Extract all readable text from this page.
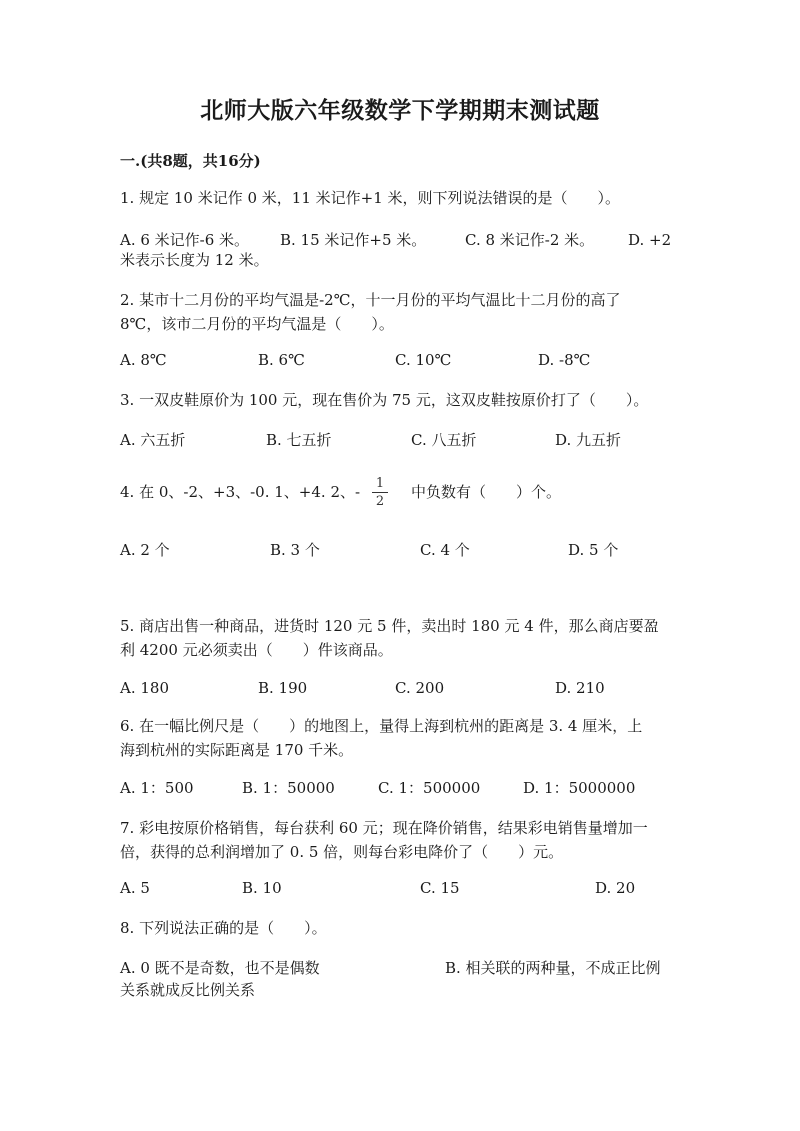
北师大版六年级数学下学期期末测试题
一.(共8题，共16分)
1. 规定 10 米记作 0 米，11 米记作+1 米，则下列说法错误的是（　　）。
A. 6 米记作-6 米。 B. 15 米记作+5 米。	C. 8 米记作-2 米。 D. +2
米表示长度为 12 米。
2. 某市十二月份的平均气温是-2℃，十一月份的平均气温比十二月份的高了
8℃，该市二月份的平均气温是（　　）。
A. 8℃	B. 6℃	C. 10℃	D. -8℃
3. 一双皮鞋原价为 100 元，现在售价为 75 元，这双皮鞋按原价打了（　　）。
A. 六五折	B. 七五折	C. 八五折	D. 九五折
4. 在 0、-2、+3、-0. 1、+4. 2、-	1
2
中负数有（　　）个。
A. 2 个	B. 3 个	C. 4 个	D. 5 个
5. 商店出售一种商品，进货时 120 元 5 件，卖出时 180 元 4 件，那么商店要盈
利 4200 元必须卖出（　　）件该商品。
A. 180	B. 190	C. 200	D. 210
6. 在一幅比例尺是（　　）的地图上，量得上海到杭州的距离是 3. 4 厘米，上
海到杭州的实际距离是 170 千米。
A. 1：500	B. 1：50000	C. 1：500000	D. 1：5000000
7. 彩电按原价格销售，每台获利 60 元；现在降价销售，结果彩电销售量增加一
倍，获得的总利润增加了 0. 5 倍，则每台彩电降价了（　　）元。
A. 5	B. 10	C. 15	D. 20
8. 下列说法正确的是（　　）。
A. 0 既不是奇数，也不是偶数	B. 相关联的两种量，不成正比例
关系就成反比例关系
